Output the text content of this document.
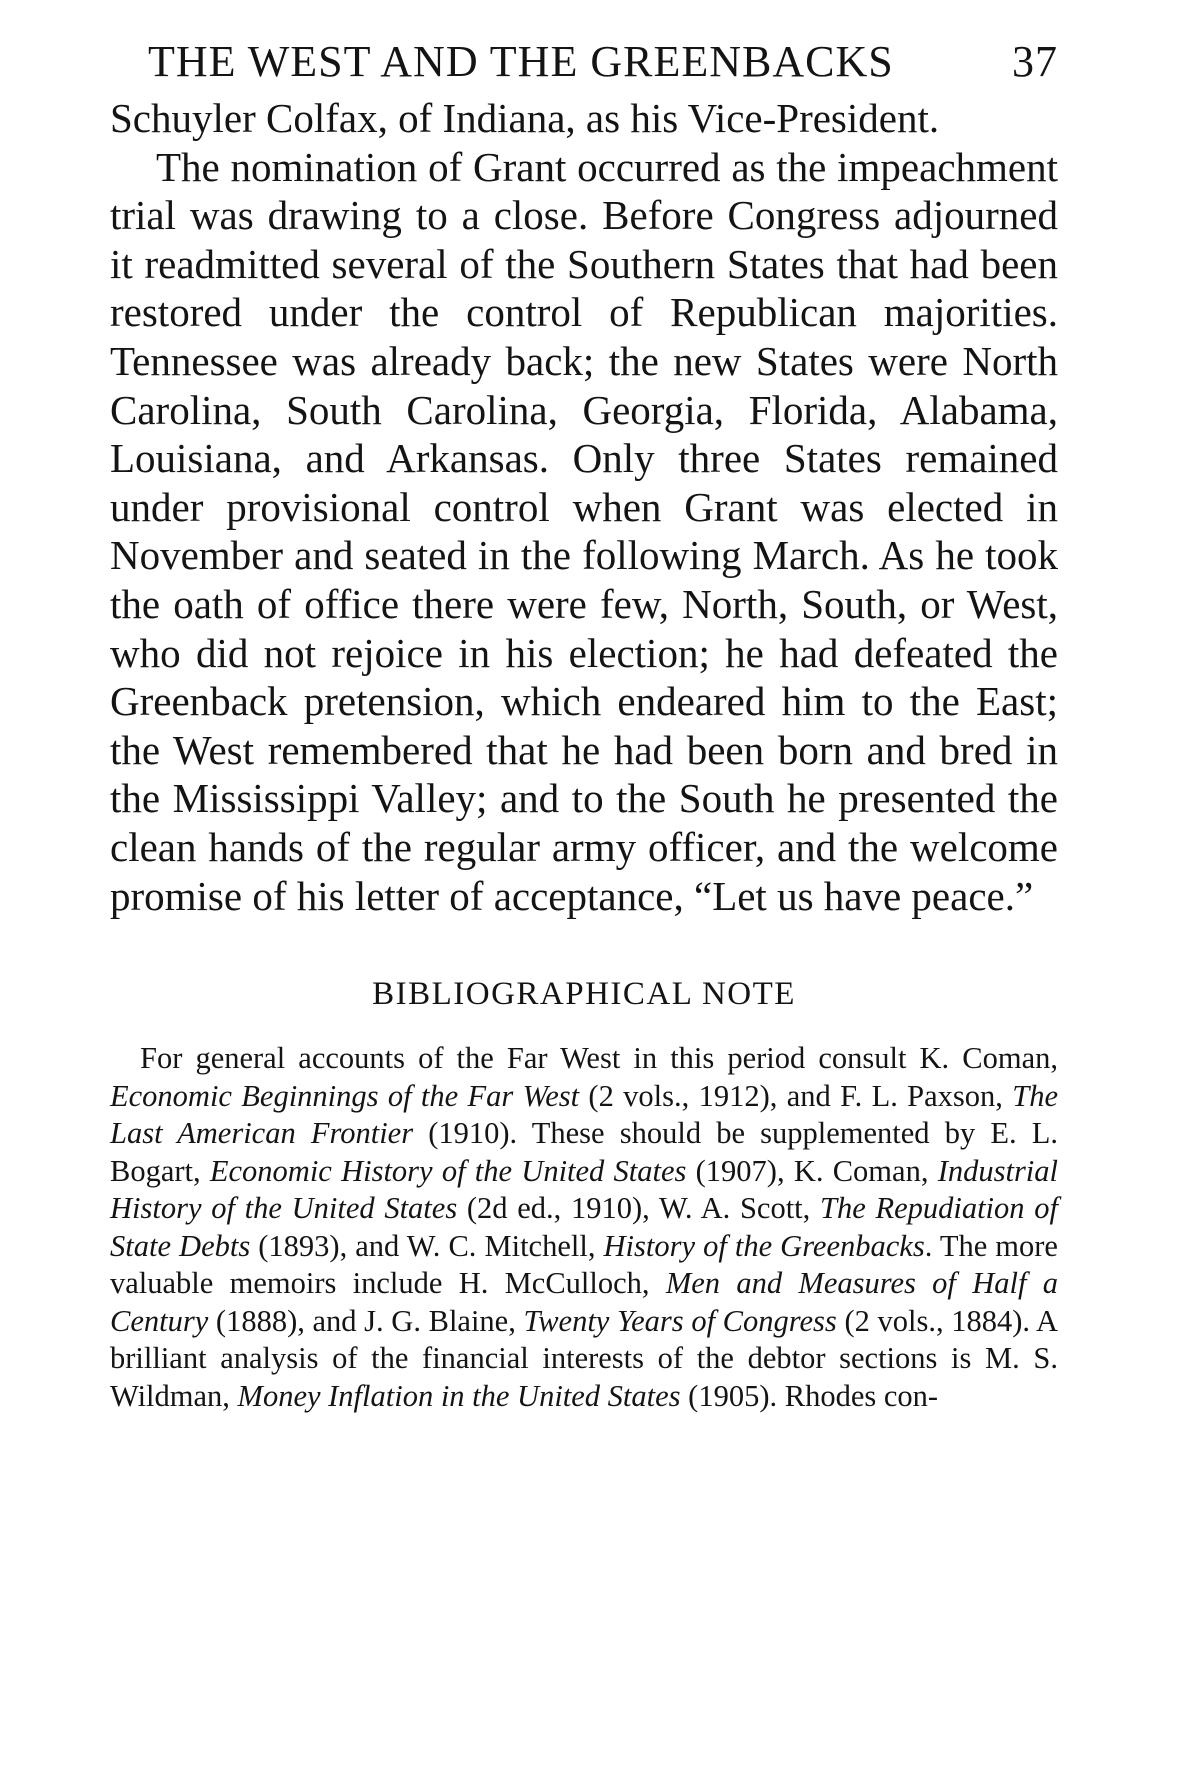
THE WEST AND THE GREENBACKS	37

Schuyler Colfax, of Indiana, as his Vice-President.

The nomination of Grant occurred as the impeachment trial was drawing to a close. Before Congress adjourned it readmitted several of the Southern States that had been restored under the control of Republican majorities. Tennessee was already back; the new States were North Carolina, South Carolina, Georgia, Florida, Alabama, Louisiana, and Arkansas. Only three States remained under provisional control when Grant was elected in November and seated in the following March. As he took the oath of office there were few, North, South, or West, who did not rejoice in his election; he had defeated the Greenback pretension, which endeared him to the East; the West remembered that he had been born and bred in the Mississippi Valley; and to the South he presented the clean hands of the regular army officer, and the welcome promise of his letter of acceptance, “Let us have peace.”

BIBLIOGRAPHICAL NOTE

For general accounts of the Far West in this period consult K. Coman, Economic Beginnings of the Far West (2 vols., 1912), and F. L. Paxson, The Last American Frontier (1910). These should be supplemented by E. L. Bogart, Economic History of the United States (1907), K. Coman, Industrial History of the United States (2d ed., 1910), W. A. Scott, The Repudiation of State Debts (1893), and W. C. Mitchell, History of the Greenbacks. The more valuable memoirs include H. McCulloch, Men and Measures of Half a Century (1888), and J. G. Blaine, Twenty Years of Congress (2 vols., 1884). A brilliant analysis of the financial interests of the debtor sections is M. S. Wildman, Money Inflation in the United States (1905). Rhodes con-
